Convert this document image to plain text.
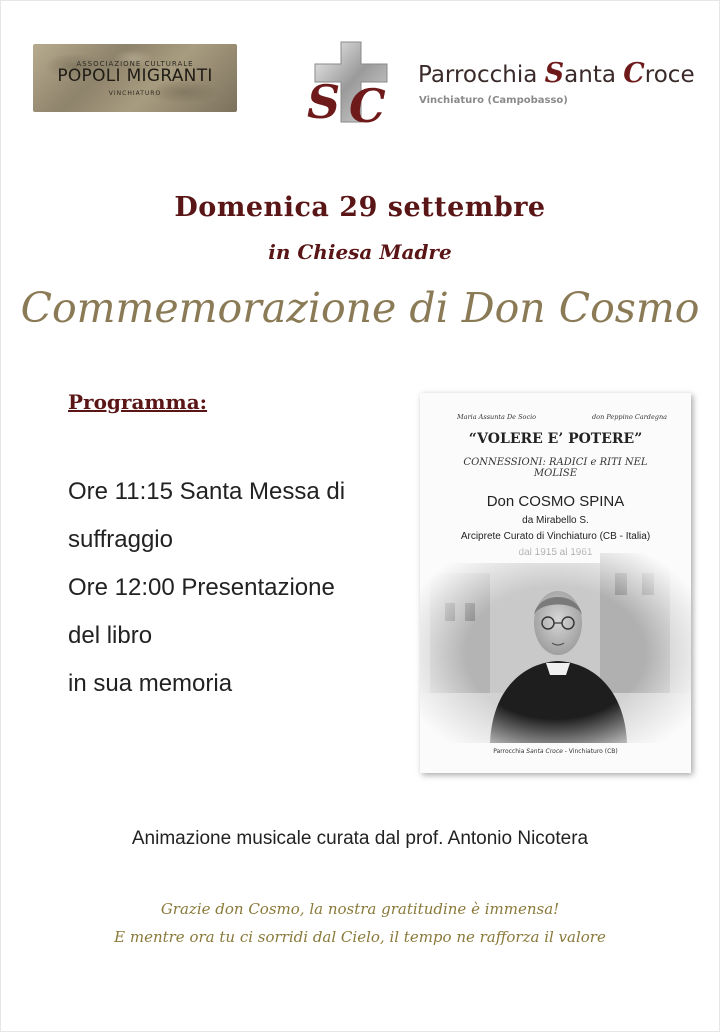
ASSOCIAZIONE CULTURALE
POPOLI MIGRANTI
VINCHIATURO	S C
Parrocchia Santa Croce
Vinchiaturo (Campobasso)
Domenica 29 settembre
in Chiesa Madre
Commemorazione di Don Cosmo
Programma:
Ore 11:15 Santa Messa di
suffraggio
Ore 12:00 Presentazione
del libro
in sua memoria
Maria Assunta De Socio	don Peppino Cardegna
“VOLERE E’ POTERE”
CONNESSIONI: RADICI e RITI NEL MOLISE
Don COSMO SPINA
da Mirabello S.
Arciprete Curato di Vinchiaturo (CB - Italia)
Parrocchia Santa Croce - Vinchiaturo (CB)
Animazione musicale curata dal prof. Antonio Nicotera
Grazie don Cosmo, la nostra gratitudine è immensa!
E mentre ora tu ci sorridi dal Cielo, il tempo ne rafforza il valore
